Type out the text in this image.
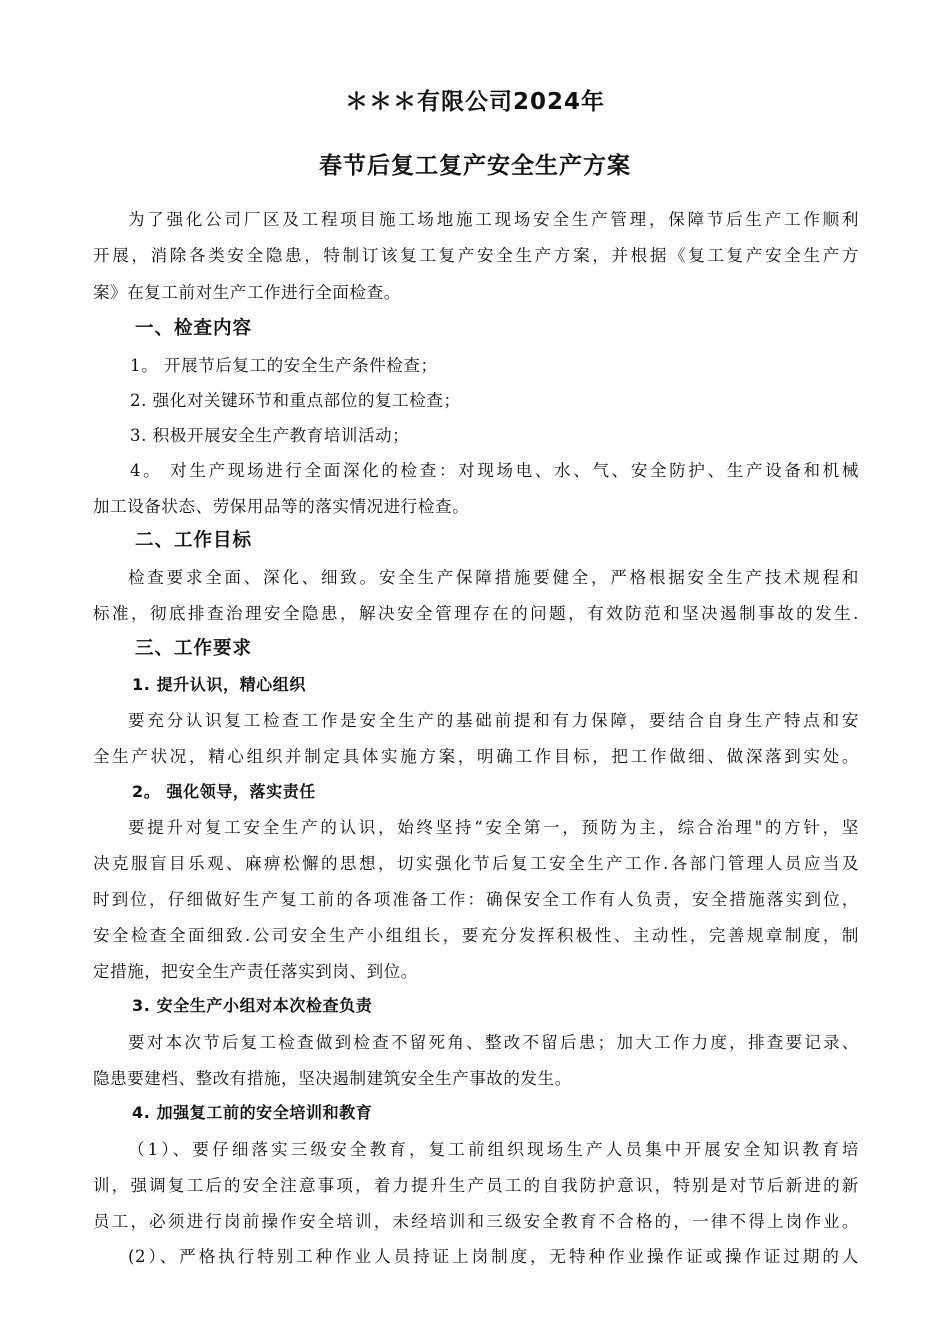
＊＊＊有限公司2024年
春节后复工复产安全生产方案
为了强化公司厂区及工程项目施工场地施工现场安全生产管理，保障节后生产工作顺利
开展，消除各类安全隐患，特制订该复工复产安全生产方案，并根据《复工复产安全生产方
案》在复工前对生产工作进行全面检查。
一、检查内容
1。 开展节后复工的安全生产条件检查；
2. 强化对关键环节和重点部位的复工检查；
3. 积极开展安全生产教育培训活动；
4。 对生产现场进行全面深化的检查：对现场电、水、气、安全防护、生产设备和机械
加工设备状态、劳保用品等的落实情况进行检查。
二、工作目标
检查要求全面、深化、细致。安全生产保障措施要健全，严格根据安全生产技术规程和
标准，彻底排查治理安全隐患，解决安全管理存在的问题，有效防范和坚决遏制事故的发生.
三、工作要求
1. 提升认识，精心组织
要充分认识复工检查工作是安全生产的基础前提和有力保障，要结合自身生产特点和安
全生产状况，精心组织并制定具体实施方案，明确工作目标，把工作做细、做深落到实处。
2。 强化领导，落实责任
要提升对复工安全生产的认识，始终坚持“安全第一，预防为主，综合治理"的方针，坚
决克服盲目乐观、麻痹松懈的思想，切实强化节后复工安全生产工作.各部门管理人员应当及
时到位，仔细做好生产复工前的各项准备工作：确保安全工作有人负责，安全措施落实到位，
安全检查全面细致.公司安全生产小组组长，要充分发挥积极性、主动性，完善规章制度，制
定措施，把安全生产责任落实到岗、到位。
3. 安全生产小组对本次检查负责
要对本次节后复工检查做到检查不留死角、整改不留后患；加大工作力度，排查要记录、
隐患要建档、整改有措施，坚决遏制建筑安全生产事故的发生。
4. 加强复工前的安全培训和教育
（1）、要仔细落实三级安全教育，复工前组织现场生产人员集中开展安全知识教育培
训，强调复工后的安全注意事项，着力提升生产员工的自我防护意识，特别是对节后新进的新
员工，必须进行岗前操作安全培训，未经培训和三级安全教育不合格的，一律不得上岗作业。
(2）、严格执行特别工种作业人员持证上岗制度，无特种作业操作证或操作证过期的人
